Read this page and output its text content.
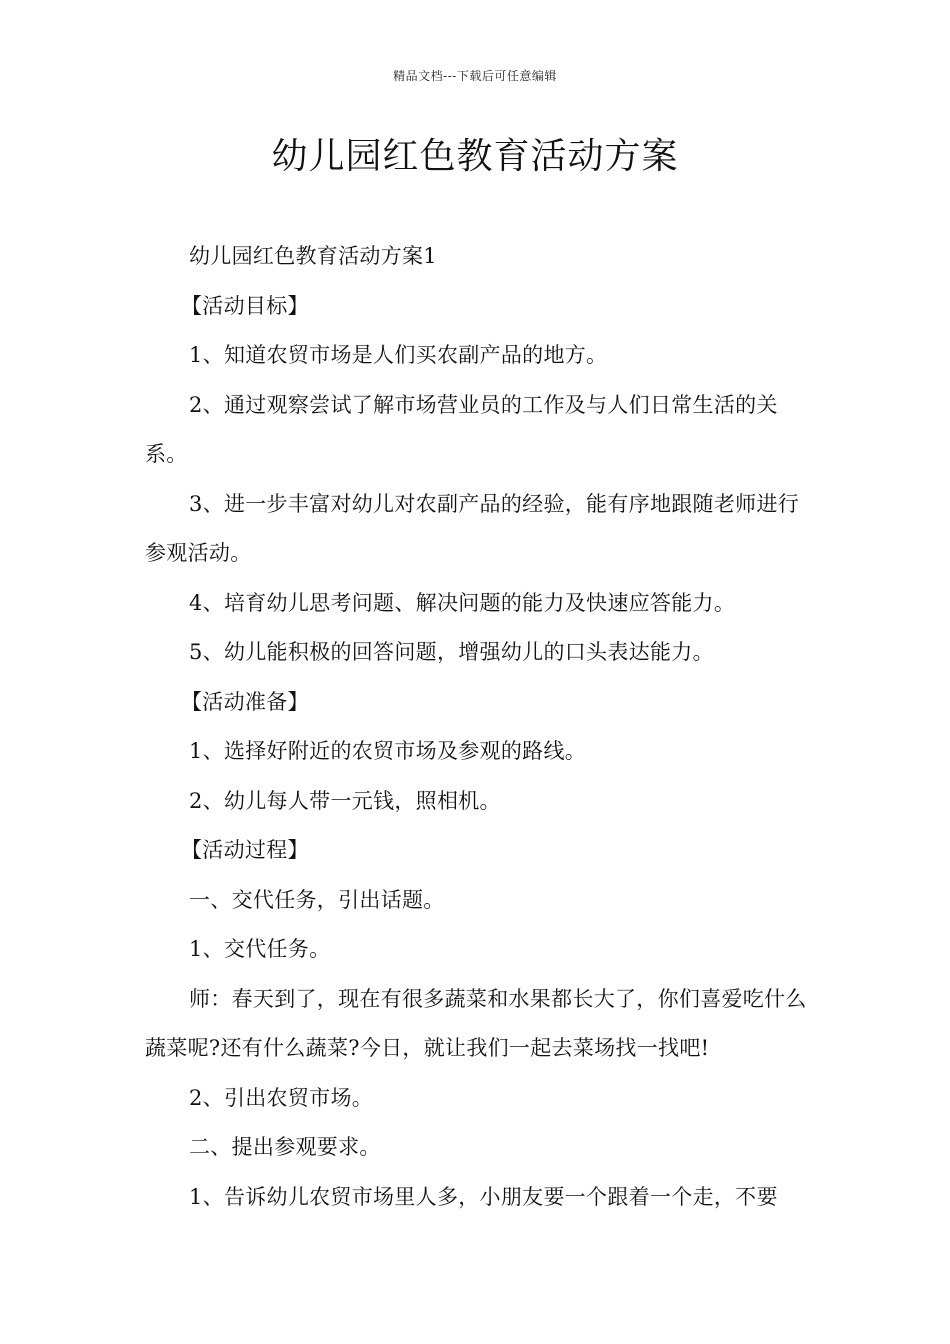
精品文档---下载后可任意编辑
幼儿园红色教育活动方案

幼儿园红色教育活动方案1

【活动目标】

1、知道农贸市场是人们买农副产品的地方。

2、通过观察尝试了解市场营业员的工作及与人们日常生活的关系。

3、进一步丰富对幼儿对农副产品的经验，能有序地跟随老师进行参观活动。

4、培育幼儿思考问题、解决问题的能力及快速应答能力。

5、幼儿能积极的回答问题，增强幼儿的口头表达能力。

【活动准备】

1、选择好附近的农贸市场及参观的路线。

2、幼儿每人带一元钱，照相机。

【活动过程】

一、交代任务，引出话题。

1、交代任务。

师：春天到了，现在有很多蔬菜和水果都长大了，你们喜爱吃什么蔬菜呢?还有什么蔬菜?今日，就让我们一起去菜场找一找吧!

2、引出农贸市场。

二、提出参观要求。

1、告诉幼儿农贸市场里人多，小朋友要一个跟着一个走，不要
